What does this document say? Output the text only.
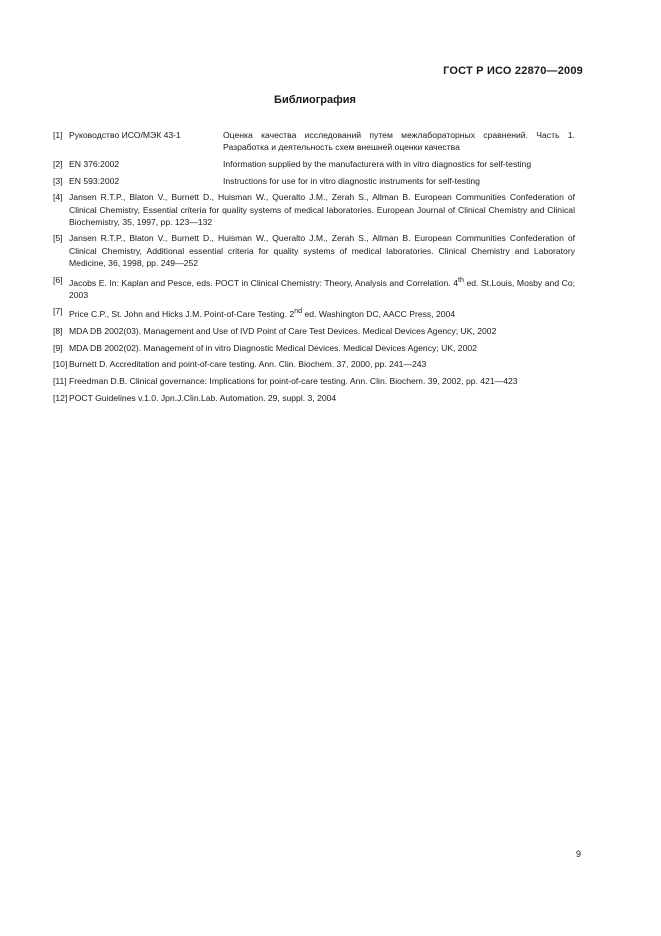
ГОСТ Р ИСО 22870—2009
Библиография
[1] Руководство ИСО/МЭК 43-1	Оценка качества исследований путем межлабораторных сравнений. Часть 1. Разработка и деятельность схем внешней оценки качества
[2] EN 376:2002	Information supplied by the manufacturera with in vitro diagnostics for self-testing
[3] EN 593:2002	Instructions for use for in vitro diagnostic instruments for self-testing
[4] Jansen R.T.P., Blaton V., Burnett D., Huisman W., Queralto J.M., Zerah S., Allman B. European Communities Confederation of Clinical Chemistry, Essential criteria for quality systems of medical laboratories. European Journal of Clinical Chemistry and Clinical Biochemistry, 35, 1997, pp. 123—132
[5] Jansen R.T.P., Blaton V., Burnett D., Huisman W., Queralto J.M., Zerah S., Allman B. European Communities Confederation of Clinical Chemistry, Additional essential criteria for quality systems of medical laboratories. Clinical Chemistry and Laboratory Medicine, 36, 1998, pp. 249—252
[6] Jacobs E. In: Kaplan and Pesce, eds. POCT in Clinical Chemistry: Theory, Analysis and Correlation. 4th ed. St.Louis, Mosby and Co; 2003
[7] Price C.P., St. John and Hicks J.M. Point-of-Care Testing. 2nd ed. Washington DC, AACC Press, 2004
[8] MDA DB 2002(03). Management and Use of IVD Point of Care Test Devices. Medical Devices Agency; UK, 2002
[9] MDA DB 2002(02). Management of in vitro Diagnostic Medical Devices. Medical Devices Agency; UK, 2002
[10] Burnett D. Accreditation and point-of-care testing. Ann. Clin. Biochem. 37, 2000, pp. 241—243
[11] Freedman D.B. Clinical governance: Implications for point-of-care testing. Ann. Clin. Biochem. 39, 2002, pp. 421—423
[12] POCT Guidelines v.1.0. Jpn.J.Clin.Lab. Automation. 29, suppl. 3, 2004
9
